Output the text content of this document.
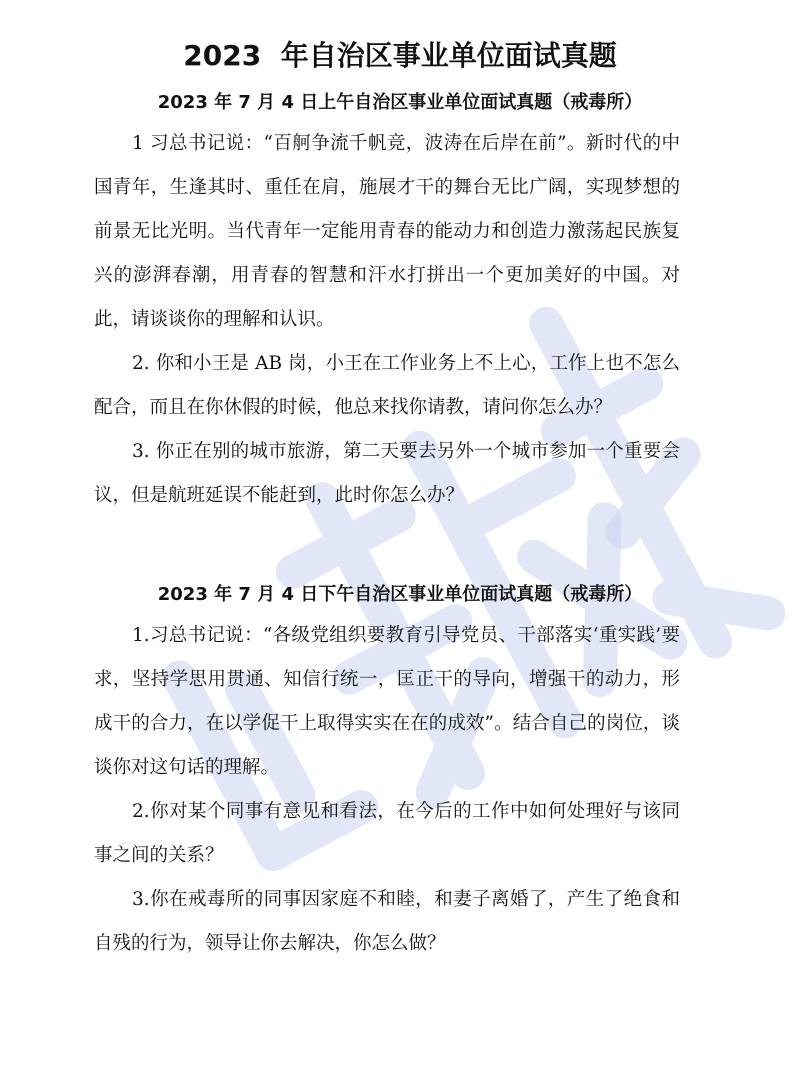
2023  年自治区事业单位面试真题
2023 年 7 月 4 日上午自治区事业单位面试真题（戒毒所）

1 习总书记说：“百舸争流千帆竞，波涛在后岸在前”。新时代的中国青年，生逢其时、重任在肩，施展才干的舞台无比广阔，实现梦想的前景无比光明。当代青年一定能用青春的能动力和创造力激荡起民族复兴的澎湃春潮，用青春的智慧和汗水打拼出一个更加美好的中国。对此，请谈谈你的理解和认识。

2. 你和小王是 AB 岗，小王在工作业务上不上心，工作上也不怎么配合，而且在你休假的时候，他总来找你请教，请问你怎么办？

3. 你正在别的城市旅游，第二天要去另外一个城市参加一个重要会议，但是航班延误不能赶到，此时你怎么办？

2023 年 7 月 4 日下午自治区事业单位面试真题（戒毒所）

1.习总书记说：“各级党组织要教育引导党员、干部落实‘重实践’要求，坚持学思用贯通、知信行统一，匡正干的导向，增强干的动力，形成干的合力，在以学促干上取得实实在在的成效”。结合自己的岗位，谈谈你对这句话的理解。

2.你对某个同事有意见和看法，在今后的工作中如何处理好与该同事之间的关系？

3.你在戒毒所的同事因家庭不和睦，和妻子离婚了，产生了绝食和自残的行为，领导让你去解决，你怎么做？
